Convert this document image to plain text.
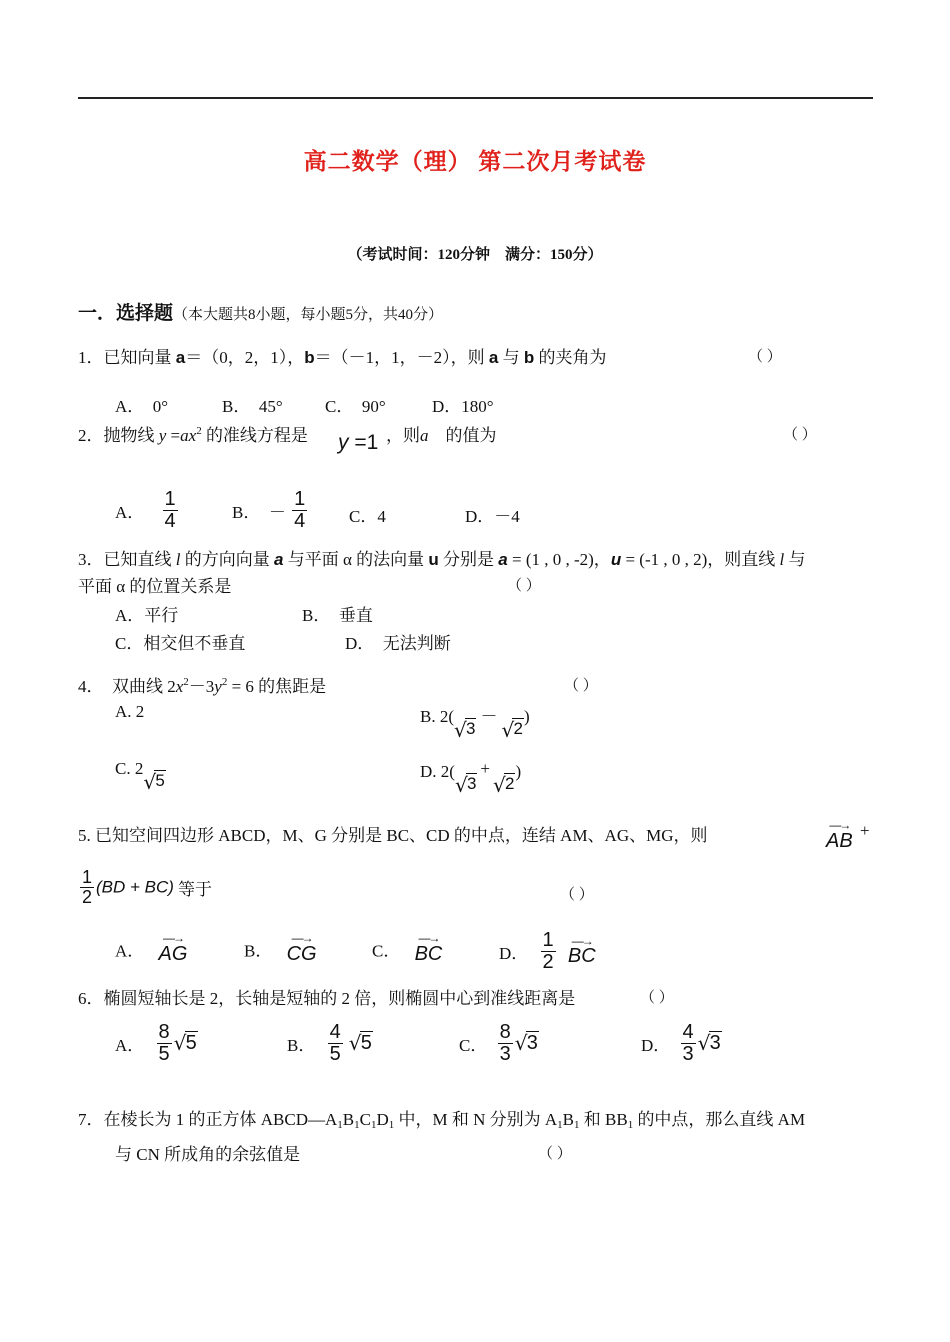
高二数学（理） 第二次月考试卷
（考试时间：120分钟　满分：150分）
一．选择题（本大题共8小题，每小题5分，共40分）
1．已知向量 a＝（0，2，1），b＝（－1，1，－2），则 a 与 b 的夹角为	（ ）
A．　0°	B．　45° C．　90°	D．180°
2．抛物线 $y =ax^2$ 的准线方程是 y =1 ，则a　的值为	（ ）
A． $\frac{1}{4}$	B．　－ $\frac{1}{4}$ C．4	D．－4
3．已知直线 l 的方向向量 a 与平面 α 的法向量 u 分别是 a = (1 , 0 , -2)，u = (-1 , 0 , 2)，则直线 l 与
平面 α 的位置关系是	（ ）
A．平行	B．　垂直
C．相交但不垂直	D．　无法判断
4．　双曲线 $2x^2-3y^2 = 6$ 的焦距是	（ ）
A. 2	B. 2(√ 3－√ 2)
C. 2√ 5	D. 2(√ 3+√ 2)
5. 已知空间四边形 ABCD，M、G 分别是 BC、CD 的中点，连结 AM、AG、MG，则
—→
AB +
$\frac{1}{2} (BD + BC)$ 等于	（ ）
A．
—→
AG	B．
—→
CG	C．
—→
BC	D． $\frac{1}{2}$
—→
BC
6．椭圆短轴长是 2，长轴是短轴的 2 倍，则椭圆中心到准线距离是	（ ）
A． $\frac{8}{5}$ √ 5	B． $\frac{4}{5}$ √ 5	C． $\frac{8}{3}$ √ 3	D． $\frac{4}{3}$ √ 3
7．在棱长为 1 的正方体 $ABCD—A_1B_1C_1D_1$ 中，M 和 N 分别为 $A_1B_1$ 和 $BB_1$ 的中点，那么直线 AM
与 CN 所成角的余弦值是	（ ）
